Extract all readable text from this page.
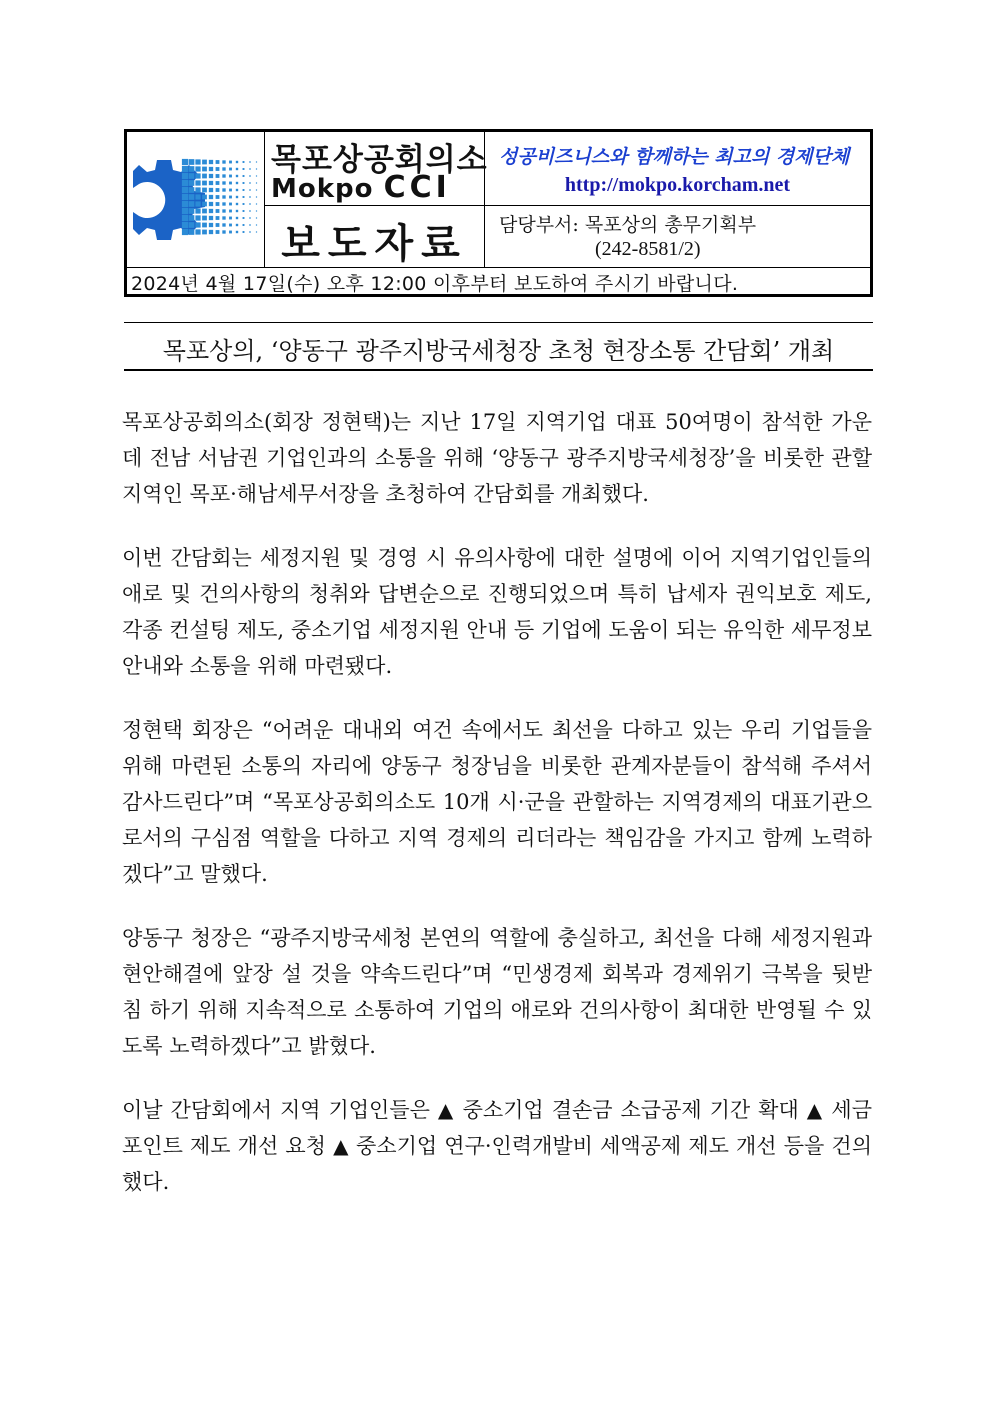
목포상공회의소
Mokpo CCI
보도자료
성공비즈니스와 함께하는 최고의 경제단체
http://mokpo.korcham.net
담당부서: 목포상의 총무기획부
(242-8581/2)
2024년 4월 17일(수) 오후 12:00 이후부터 보도하여 주시기 바랍니다.
목포상의, ‘양동구 광주지방국세청장 초청 현장소통 간담회’ 개최

목포상공회의소(회장 정현택)는 지난 17일 지역기업 대표 50여명이 참석한 가운데 전남 서남권 기업인과의 소통을 위해 ‘양동구 광주지방국세청장’을 비롯한 관할지역인 목포·해남세무서장을 초청하여 간담회를 개최했다.

이번 간담회는 세정지원 및 경영 시 유의사항에 대한 설명에 이어 지역기업인들의 애로 및 건의사항의 청취와 답변순으로 진행되었으며 특히 납세자 권익보호 제도, 각종 컨설팅 제도, 중소기업 세정지원 안내 등 기업에 도움이 되는 유익한 세무정보 안내와 소통을 위해 마련됐다.

정현택 회장은 “어려운 대내외 여건 속에서도 최선을 다하고 있는 우리 기업들을 위해 마련된 소통의 자리에 양동구 청장님을 비롯한 관계자분들이 참석해 주셔서 감사드린다”며 “목포상공회의소도 10개 시·군을 관할하는 지역경제의 대표기관으로서의 구심점 역할을 다하고 지역 경제의 리더라는 책임감을 가지고 함께 노력하겠다”고 말했다.

양동구 청장은 “광주지방국세청 본연의 역할에 충실하고, 최선을 다해 세정지원과 현안해결에 앞장 설 것을 약속드린다”며 “민생경제 회복과 경제위기 극복을 뒷받침 하기 위해 지속적으로 소통하여 기업의 애로와 건의사항이 최대한 반영될 수 있도록 노력하겠다”고 밝혔다.

이날 간담회에서 지역 기업인들은 ▲ 중소기업 결손금 소급공제 기간 확대 ▲ 세금포인트 제도 개선 요청 ▲ 중소기업 연구·인력개발비 세액공제 제도 개선 등을 건의했다.
